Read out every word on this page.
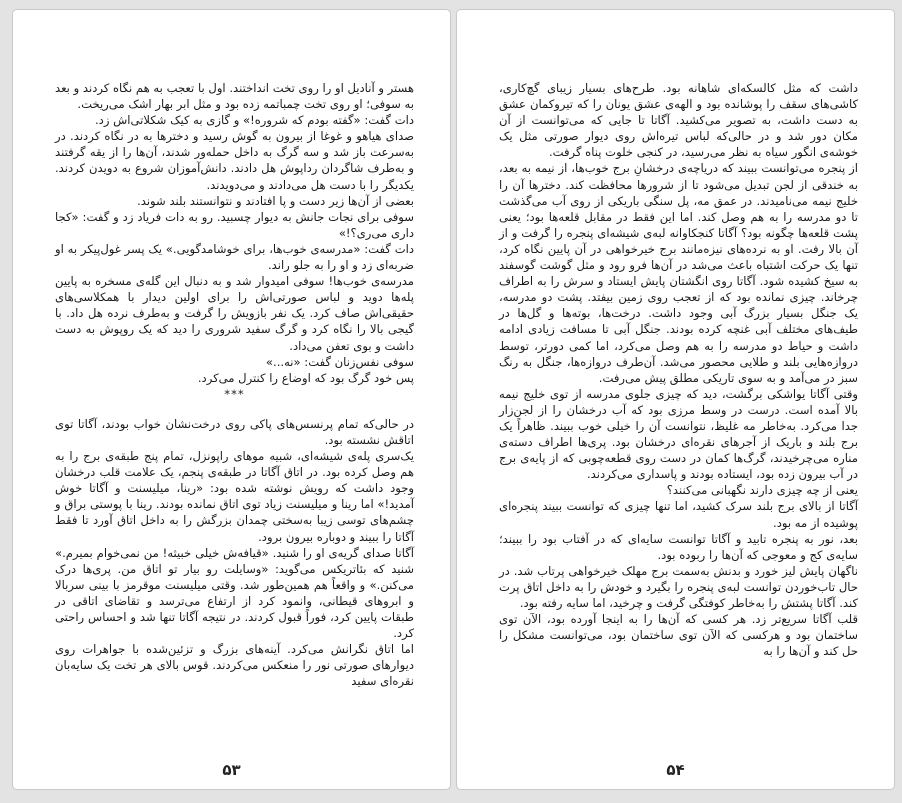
هستر و آنادیل او را روی تخت انداختند. اول با تعجب به هم نگاه کردند و بعد به سوفی؛ او روی تخت چمباتمه زده بود و مثل ابر بهار اشک می‌ریخت.

دات گفت: «گفته بودم که شروره!» و گازی به کیک شکلاتی‌اش زد.

صدای هیاهو و غوغا از بیرون به گوش رسید و دخترها به در نگاه کردند. در به‌سرعت باز شد و سه گرگ به داخل حمله‌ور شدند، آن‌ها را از یقه گرفتند و به‌طرف شاگردان ردا‌پوش هل دادند. دانش‌آموزان شروع به دویدن کردند. یکدیگر را با دست هل می‌دادند و می‌دویدند.

بعضی از آن‌ها زیر دست و پا افتادند و نتوانستند بلند شوند.

سوفی برای نجات جانش به دیوار چسبید. رو به دات فریاد زد و گفت: «کجا داری می‌ری؟!»

دات گفت: «مدرسه‌ی خوب‌ها، برای خوشامدگویی.» یک پسر غول‌پیکر به او ضربه‌ای زد و او را به جلو راند.

مدرسه‌ی خوب‌ها! سوفی امیدوار شد و به دنبال این گله‌ی مسخره به پایین پله‌ها دوید و لباس صورتی‌اش را برای اولین دیدار با همکلاسی‌های حقیقی‌اش صاف کرد. یک نفر بازویش را گرفت و به‌طرف نرده هل داد. با گیجی بالا را نگاه کرد و گرگ سفید شروری را دید که یک روپوش به دست داشت و بوی تعفن می‌داد.

سوفی نفس‌زنان گفت: «نه...»

پس خود گرگ بود که اوضاع را کنترل می‌کرد.

***

در حالی‌که تمام پرنسس‌های پاکی روی درخت‌نشان خواب بودند، آگاتا توی اتاقش نشسته بود.

یک‌سری پله‌ی شیشه‌ای، شبیه موهای راپونزل، تمام پنج طبقه‌ی برج را به هم وصل کرده بود. در اتاق آگاتا در طبقه‌ی پنجم، یک علامت قلب درخشان وجود داشت که رویش نوشته شده بود: «رینا، میلیسنت و آگاتا خوش آمدید!» اما رینا و میلیسنت زیاد توی اتاق نمانده بودند. رینا با پوستی براق و چشم‌های توسی زیبا به‌سختی چمدان بزرگش را به داخل اتاق آورد تا فقط آگاتا را ببیند و دوباره بیرون برود.

آگاتا صدای گریه‌ی او را شنید. «قیافه‌ش خیلی خبیثه! من نمی‌خوام بمیرم.» شنید که بئاتریکس می‌گوید: «وسایلت رو بیار تو اتاق من. پری‌ها درک می‌کنن.» و واقعاً هم همین‌طور شد. وقتی میلیسنت موقرمز با بینی سربالا و ابروهای قیطانی، وانمود کرد از ارتفاع می‌ترسد و تقاضای اتاقی در طبقات پایین کرد، فوراً قبول کردند. در نتیجه آگاتا تنها شد و احساس راحتی کرد.

اما اتاق نگرانش می‌کرد. آینه‌های بزرگ و تزئین‌شده با جواهرات روی دیوارهای صورتی نور را منعکس می‌کردند. قوس بالای هر تخت یک سایه‌بان نقره‌ای سفید

۵۳

داشت که مثل کالسکه‌ای شاهانه بود. طرح‌های بسیار زیبای گچ‌کاری، کاشی‌های سقف را پوشانده بود و الهه‌ی عشق یونان را که تیروکمان عشق به دست داشت، به تصویر می‌کشید. آگاتا تا جایی که می‌توانست از آن مکان دور شد و در حالی‌که لباس تیره‌اش روی دیوار صورتی مثل یک خوشه‌ی انگور سیاه به نظر می‌رسید، در کنجی خلوت پناه گرفت.

از پنجره می‌توانست ببیند که دریاچه‌ی درخشانِ برج خوب‌ها، از نیمه به بعد، به خندقی از لجن تبدیل می‌شود تا از شرورها محافظت کند. دخترها آن را خلیج نیمه می‌نامیدند. در عمق مه، پل سنگی باریکی از روی آب می‌گذشت تا دو مدرسه را به هم وصل کند. اما این فقط در مقابل قلعه‌ها بود؛ یعنی پشت قلعه‌ها چگونه بود؟ آگاتا کنجکاوانه لبه‌ی شیشه‌ای پنجره را گرفت و از آن بالا رفت. او به نرده‌های نیزه‌مانند برج خیرخواهی در آن پایین نگاه کرد، تنها یک حرکت اشتباه باعث می‌شد در آن‌ها فرو رود و مثل گوشت گوسفند به سیخ کشیده شود. آگاتا روی انگشتان پایش ایستاد و سرش را به اطراف چرخاند. چیزی نمانده بود که از تعجب روی زمین بیفتد. پشت دو مدرسه، یک جنگل بسیار بزرگ آبی وجود داشت. درخت‌ها، بوته‌ها و گل‌ها در طیف‌های مختلف آبی غنچه کرده بودند. جنگل آبی تا مسافت زیادی ادامه داشت و حیاط دو مدرسه را به هم وصل می‌کرد، اما کمی دورتر، توسط دروازه‌هایی بلند و طلایی محصور می‌شد. آن‌طرف دروازه‌ها، جنگل به رنگ سبز در می‌آمد و به سوی تاریکی مطلق پیش می‌رفت.

وقتی آگاتا یواشکی برگشت، دید که چیزی جلوی مدرسه از توی خلیج نیمه بالا آمده است. درست در وسط مرزی بود که آب درخشان را از لجن‌زار جدا می‌کرد. به‌خاطر مه غلیظ، نتوانست آن را خیلی خوب ببیند. ظاهراً یک برج بلند و باریک از آجرهای نقره‌ای درخشان بود. پری‌ها اطراف دسته‌ی مناره می‌چرخیدند، گرگ‌ها کمان در دست روی قطعه‌چوبی که از پایه‌ی برج در آب بیرون زده بود، ایستاده بودند و پاسداری می‌کردند.

یعنی از چه چیزی دارند نگهبانی می‌کنند؟

آگاتا از بالای برج بلند سرک کشید، اما تنها چیزی که توانست ببیند پنجره‌ای پوشیده از مه بود.

بعد، نور به پنجره تابید و آگاتا توانست سایه‌ای که در آفتاب بود را ببیند؛ سایه‌ی کج و معوجی که آن‌ها را ربوده بود.

ناگهان پایش لیز خورد و بدنش به‌سمت برج مهلک خیرخواهی پرتاب شد. در حال تاب‌خوردن توانست لبه‌ی پنجره را بگیرد و خودش را به داخل اتاق پرت کند. آگاتا پشتش را به‌خاطر کوفتگی گرفت و چرخید، اما سایه رفته بود.

قلب آگاتا سریع‌تر زد. هر کسی که آن‌ها را به اینجا آورده بود، الآن توی ساختمان بود و هرکسی که الآن توی ساختمان بود، می‌توانست مشکل را حل کند و آن‌ها را به

۵۴
